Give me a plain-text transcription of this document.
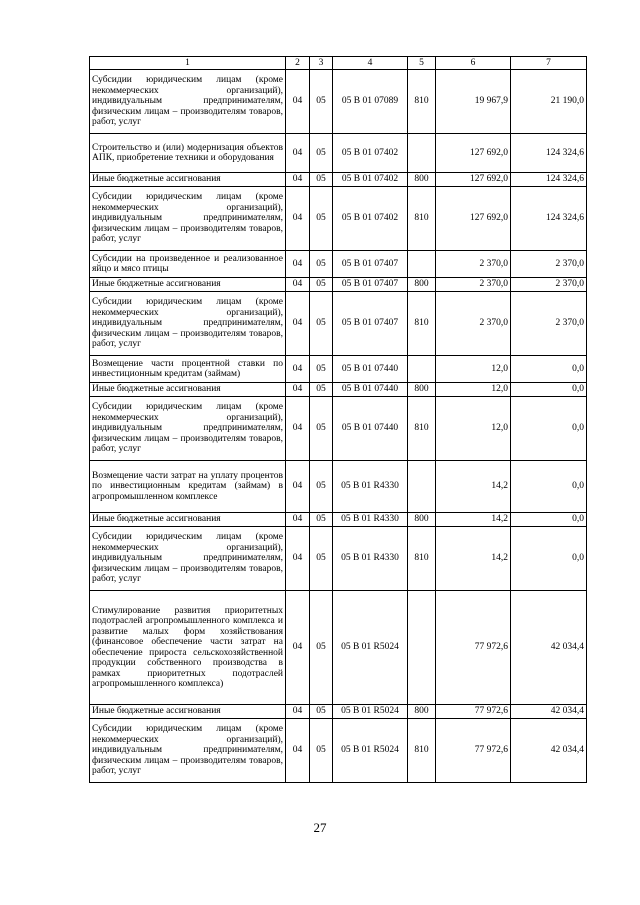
1	2	3	4	5	6	7
Субсидии юридическим лицам (кроме некоммерческих организаций), индивидуальным предпринимателям, физическим лицам – производителям товаров, работ, услуг	04	05	05 В 01 07089	810	19 967,9	21 190,0
Строительство и (или) модернизация объектов АПК, приобретение техники и оборудования	04	05	05 В 01 07402		127 692,0	124 324,6
Иные бюджетные ассигнования	04	05	05 В 01 07402	800	127 692,0	124 324,6
Субсидии юридическим лицам (кроме некоммерческих организаций), индивидуальным предпринимателям, физическим лицам – производителям товаров, работ, услуг	04	05	05 В 01 07402	810	127 692,0	124 324,6
Субсидии на произведенное и реализованное яйцо и мясо птицы	04	05	05 В 01 07407		2 370,0	2 370,0
Иные бюджетные ассигнования	04	05	05 В 01 07407	800	2 370,0	2 370,0
Субсидии юридическим лицам (кроме некоммерческих организаций), индивидуальным предпринимателям, физическим лицам – производителям товаров, работ, услуг	04	05	05 В 01 07407	810	2 370,0	2 370,0
Возмещение части процентной ставки по инвестиционным кредитам (займам)	04	05	05 В 01 07440		12,0	0,0
Иные бюджетные ассигнования	04	05	05 В 01 07440	800	12,0	0,0
Субсидии юридическим лицам (кроме некоммерческих организаций), индивидуальным предпринимателям, физическим лицам – производителям товаров, работ, услуг	04	05	05 В 01 07440	810	12,0	0,0
Возмещение части затрат на уплату процентов по инвестиционным кредитам (займам) в агропромышленном комплексе	04	05	05 В 01 R4330		14,2	0,0
Иные бюджетные ассигнования	04	05	05 В 01 R4330	800	14,2	0,0
Субсидии юридическим лицам (кроме некоммерческих организаций), индивидуальным предпринимателям, физическим лицам – производителям товаров, работ, услуг	04	05	05 В 01 R4330	810	14,2	0,0
Стимулирование развития приоритетных подотраслей агропромышленного комплекса и развитие малых форм хозяйствования (финансовое обеспечение части затрат на обеспечение прироста сельскохозяйственной продукции собственного производства в рамках приоритетных подотраслей агропромышленного комплекса)	04	05	05 В 01 R5024		77 972,6	42 034,4
Иные бюджетные ассигнования	04	05	05 В 01 R5024	800	77 972,6	42 034,4
Субсидии юридическим лицам (кроме некоммерческих организаций), индивидуальным предпринимателям, физическим лицам – производителям товаров, работ, услуг	04	05	05 В 01 R5024	810	77 972,6	42 034,4
27
